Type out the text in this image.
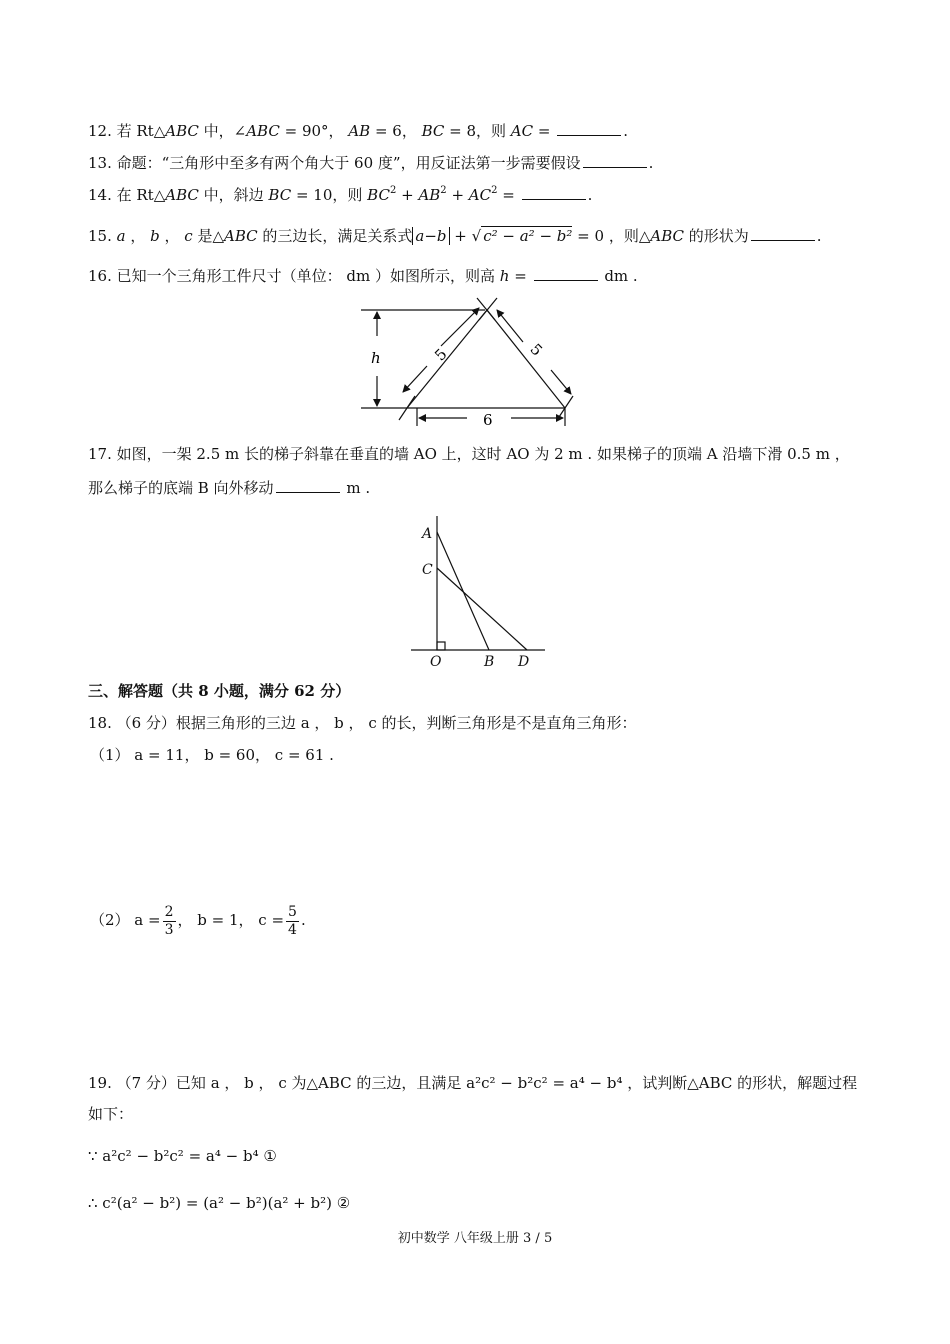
12. 若 Rt△ABC 中，∠ABC = 90°， AB = 6， BC = 8，则 AC =	.
13. 命题：“三角形中至多有两个角大于 60 度”，用反证法第一步需要假设	.
14. 在 Rt△ABC 中，斜边 BC = 10，则 $BC^2 + AB^2 + AC^2$ =	.
15. a ， b ， c 是△ABC 的三边长，满足关系式 a−b + √ c² − a² − b² = 0 ，则△ABC 的形状为	.
16. 已知一个三角形工件尺寸（单位： dm ）如图所示，则高 h =	dm .
h	5	5
6
17. 如图，一架 2.5 m 长的梯子斜靠在垂直的墙 AO 上，这时 AO 为 2 m . 如果梯子的顶端 A 沿墙下滑 0.5 m ，
那么梯子的底端 B 向外移动	m .
A
C
O	B D
三、解答题（共 8 小题，满分 62 分）
18. （6 分）根据三角形的三边 a ， b ， c 的长，判断三角形是不是直角三角形：
（1） a = 11， b = 60， c = 61 .
（2） $a = \frac{2}{3}$ ， b = 1， $c = \frac{5}{4}$ .
19. （7 分）已知 a ， b ， c 为△ABC 的三边，且满足 a²c² − b²c² = a⁴ − b⁴ ，试判断△ABC 的形状，解题过程
如下：
∵ a²c² − b²c² = a⁴ − b⁴ ①
∴ c²(a² − b²) = (a² − b²)(a² + b²) ②
初中数学 八年级上册 3 / 5
